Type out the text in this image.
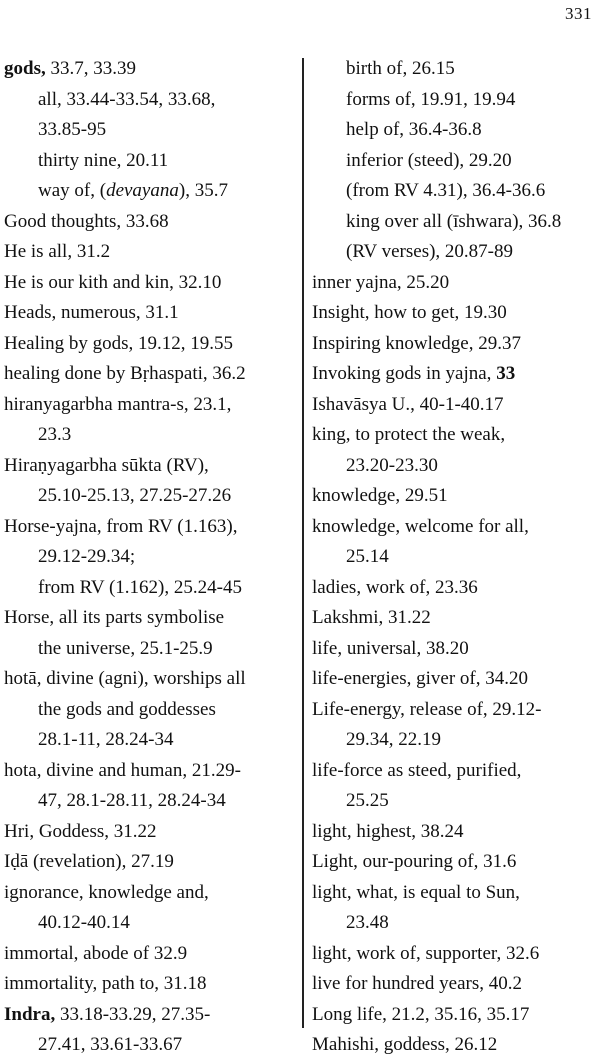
331
gods, 33.7, 33.39
all, 33.44-33.54, 33.68,
33.85-95
thirty nine, 20.11
way of, (devayana), 35.7
Good thoughts, 33.68
He is all, 31.2
He is our kith and kin, 32.10
Heads, numerous, 31.1
Healing by gods, 19.12, 19.55
healing done by Bṛhaspati, 36.2
hiranyagarbha mantra-s, 23.1,
23.3
Hiraṇyagarbha sūkta (RV),
25.10-25.13, 27.25-27.26
Horse-yajna, from RV (1.163),
29.12-29.34;
from RV (1.162), 25.24-45
Horse, all its parts symbolise
the universe, 25.1-25.9
hotā, divine (agni), worships all
the gods and goddesses
28.1-11, 28.24-34
hota, divine and human, 21.29-
47, 28.1-28.11, 28.24-34
Hri, Goddess, 31.22
Iḍā (revelation), 27.19
ignorance, knowledge and,
40.12-40.14
immortal, abode of 32.9
immortality, path to, 31.18
Indra, 33.18-33.29, 27.35-
27.41, 33.61-33.67
birth of, 26.15
forms of, 19.91, 19.94
help of, 36.4-36.8
inferior (steed), 29.20
(from RV 4.31), 36.4-36.6
king over all (īshwara), 36.8
(RV verses), 20.87-89
inner yajna, 25.20
Insight, how to get, 19.30
Inspiring knowledge, 29.37
Invoking gods in yajna, 33
Ishavāsya U., 40-1-40.17
king, to protect the weak,
23.20-23.30
knowledge, 29.51
knowledge, welcome for all,
25.14
ladies, work of, 23.36
Lakshmi, 31.22
life, universal, 38.20
life-energies, giver of, 34.20
Life-energy, release of, 29.12-
29.34, 22.19
life-force as steed, purified,
25.25
light, highest, 38.24
Light, our-pouring of, 31.6
light, what, is equal to Sun,
23.48
light, work of, supporter, 32.6
live for hundred years, 40.2
Long life, 21.2, 35.16, 35.17
Mahishi, goddess, 26.12
